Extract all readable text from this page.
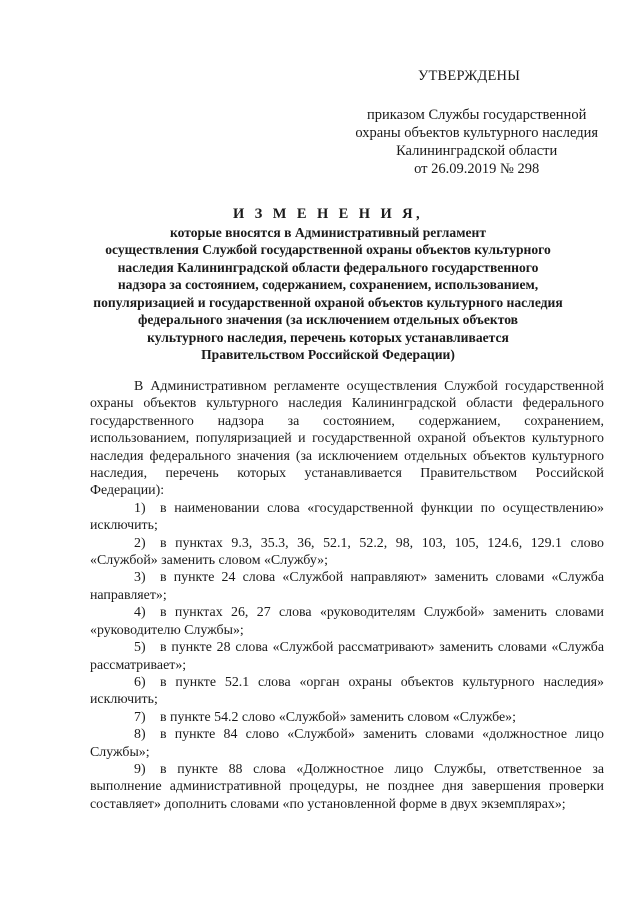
УТВЕРЖДЕНЫ
приказом Службы государственной
охраны объектов культурного наследия
Калининградской области
от 26.09.2019 № 298
И З М Е Н Е Н И Я,
которые вносятся в Административный регламент
осуществления Службой государственной охраны объектов культурного
наследия Калининградской области федерального государственного
надзора за состоянием, содержанием, сохранением, использованием,
популяризацией и государственной охраной объектов культурного наследия
федерального значения (за исключением отдельных объектов
культурного наследия, перечень которых устанавливается
Правительством Российской Федерации)

В Административном регламенте осуществления Службой государственной охраны объектов культурного наследия Калининградской области федерального государственного надзора за состоянием, содержанием, сохранением, использованием, популяризацией и государственной охраной объектов культурного наследия федерального значения (за исключением отдельных объектов культурного наследия, перечень которых устанавливается Правительством Российской Федерации):

1) в наименовании слова «государственной функции по осуществлению» исключить;

2) в пунктах 9.3, 35.3, 36, 52.1, 52.2, 98, 103, 105, 124.6, 129.1 слово «Службой» заменить словом «Службу»;

3) в пункте 24 слова «Службой направляют» заменить словами «Служба направляет»;

4) в пунктах 26, 27 слова «руководителям Службой» заменить словами «руководителю Службы»;

5) в пункте 28 слова «Службой рассматривают» заменить словами «Служба рассматривает»;

6) в пункте 52.1 слова «орган охраны объектов культурного наследия» исключить;

7) в пункте 54.2 слово «Службой» заменить словом «Службе»;

8) в пункте 84 слово «Службой» заменить словами «должностное лицо Службы»;

9) в пункте 88 слова «Должностное лицо Службы, ответственное за выполнение административной процедуры, не позднее дня завершения проверки составляет» дополнить словами «по установленной форме в двух экземплярах»;
